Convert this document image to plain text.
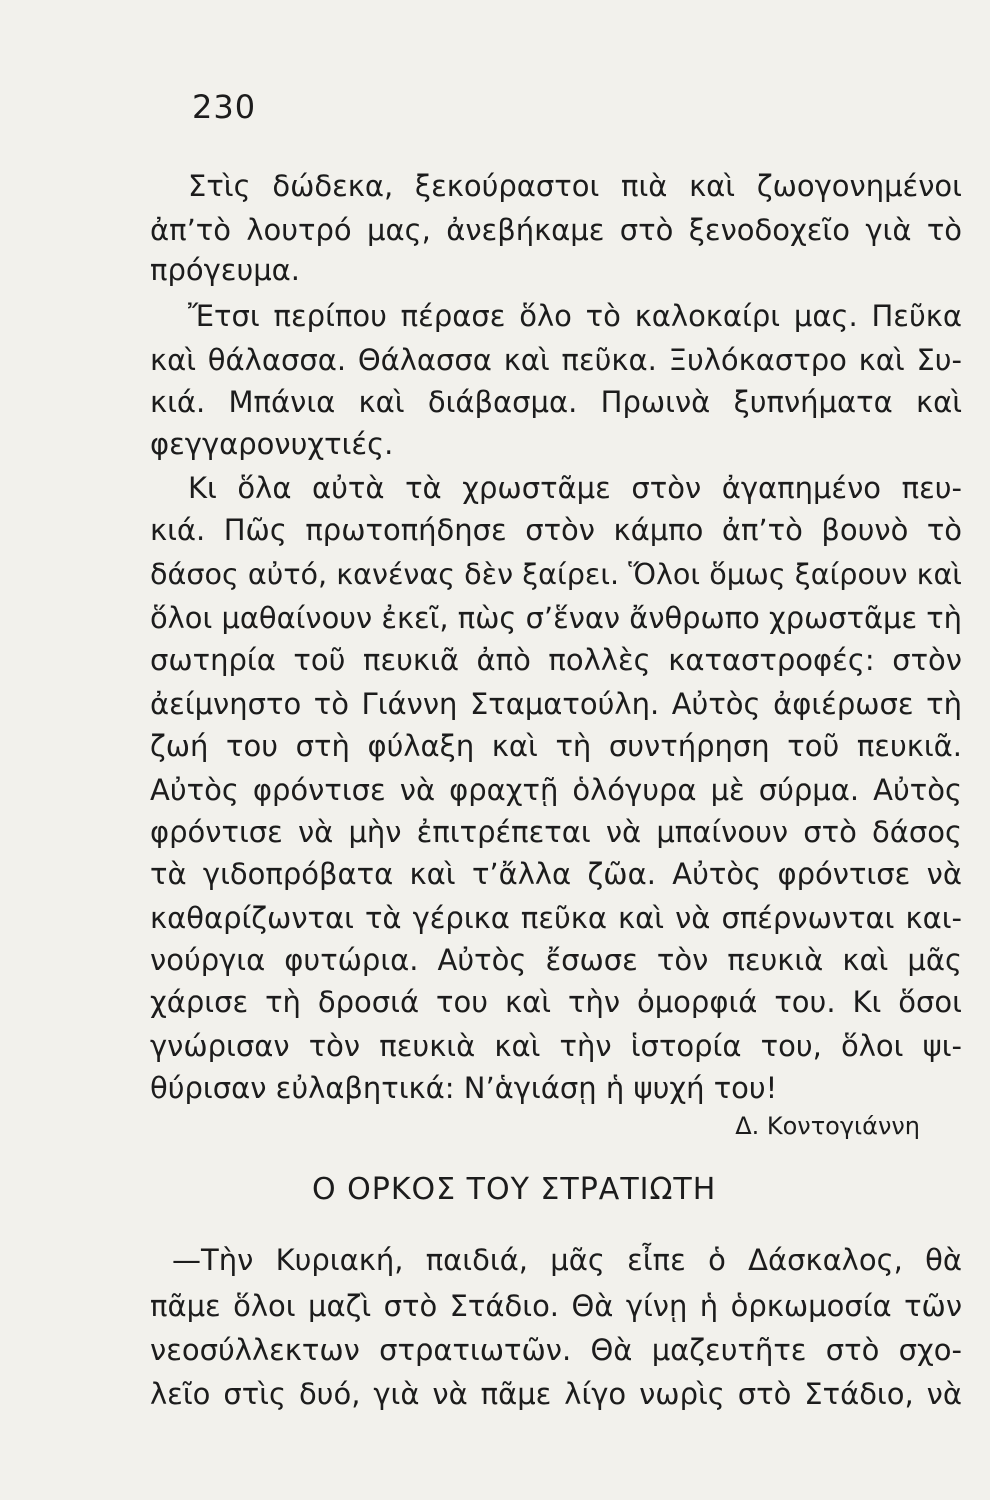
230
Στὶς δώδεκα, ξεκούραστοι πιὰ καὶ ζωογονημένοι
ἀπ’τὸ λουτρό μας, ἀνεβήκαμε στὸ ξενοδοχεῖο γιὰ τὸ
πρόγευμα.
Ἔτσι περίπου πέρασε ὅλο τὸ καλοκαίρι μας. Πεῦκα
καὶ θάλασσα. Θάλασσα καὶ πεῦκα. Ξυλόκαστρο καὶ Συ-
κιά. Μπάνια καὶ διάβασμα. Πρωινὰ ξυπνήματα καὶ
φεγγαρονυχτιές.
Κι ὅλα αὐτὰ τὰ χρωστᾶμε στὸν ἀγαπημένο πευ-
κιά. Πῶς πρωτοπήδησε στὸν κάμπο ἀπ’τὸ βουνὸ τὸ
δάσος αὐτό, κανένας δὲν ξαίρει. Ὅλοι ὅμως ξαίρουν καὶ
ὅλοι μαθαίνουν ἐκεῖ, πὼς σ’ἕναν ἄνθρωπο χρωστᾶμε τὴ
σωτηρία τοῦ πευκιᾶ ἀπὸ πολλὲς καταστροφές: στὸν
ἀείμνηστο τὸ Γιάννη Σταματούλη. Αὐτὸς ἀφιέρωσε τὴ
ζωή του στὴ φύλαξη καὶ τὴ συντήρηση τοῦ πευκιᾶ.
Αὐτὸς φρόντισε νὰ φραχτῇ ὁλόγυρα μὲ σύρμα. Αὐτὸς
φρόντισε νὰ μὴν ἐπιτρέπεται νὰ μπαίνουν στὸ δάσος
τὰ γιδοπρόβατα καὶ τ’ἄλλα ζῶα. Αὐτὸς φρόντισε νὰ
καθαρίζωνται τὰ γέρικα πεῦκα καὶ νὰ σπέρνωνται και-
νούργια φυτώρια. Αὐτὸς ἔσωσε τὸν πευκιὰ καὶ μᾶς
χάρισε τὴ δροσιά του καὶ τὴν ὀμορφιά του. Κι ὅσοι
γνώρισαν τὸν πευκιὰ καὶ τὴν ἱστορία του, ὅλοι ψι-
θύρισαν εὐλαβητικά: Ν’ἁγιάσῃ ἡ ψυχή του!
Δ. Κοντογιάννη
Ο ΟΡΚΟΣ ΤΟΥ ΣΤΡΑΤΙΩΤΗ
—Τὴν Κυριακή, παιδιά, μᾶς εἶπε ὁ Δάσκαλος, θὰ
πᾶμε ὅλοι μαζὶ στὸ Στάδιο. Θὰ γίνῃ ἡ ὁρκωμοσία τῶν
νεοσύλλεκτων στρατιωτῶν. Θὰ μαζευτῆτε στὸ σχο-
λεῖο στὶς δυό, γιὰ νὰ πᾶμε λίγο νωρὶς στὸ Στάδιο, νὰ
